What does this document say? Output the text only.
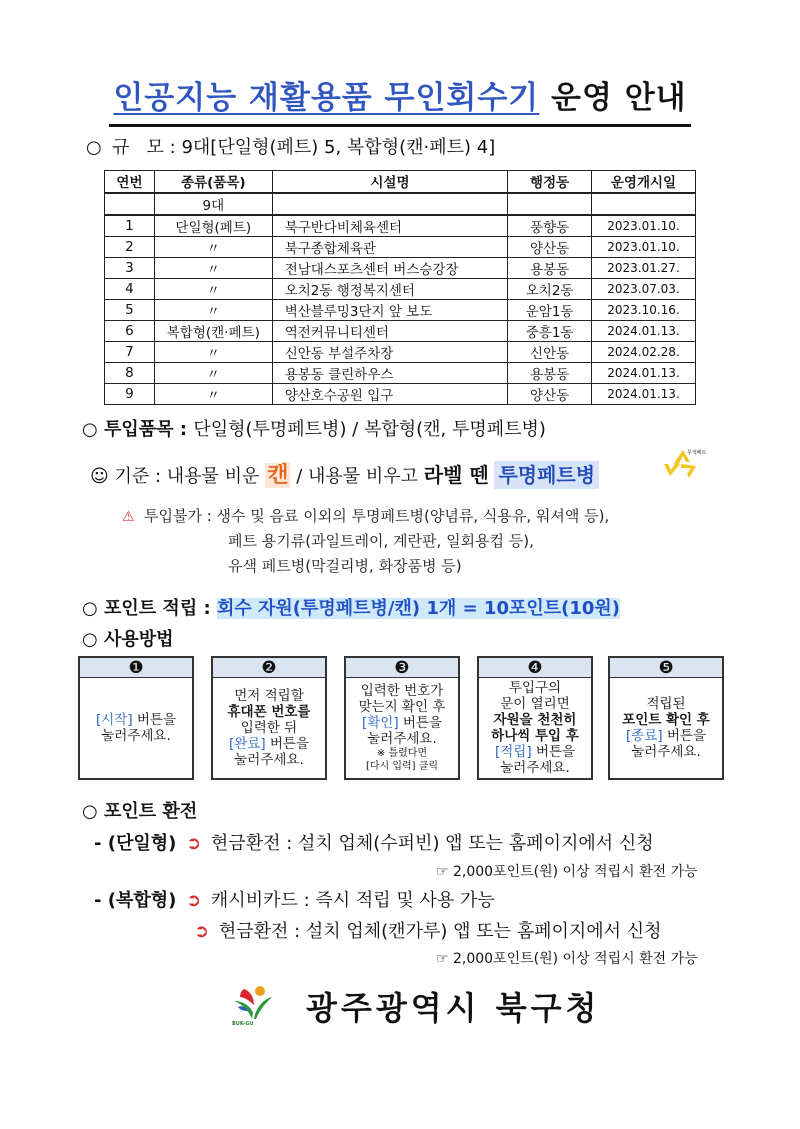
인공지능 재활용품 무인회수기 운영 안내
○ 규   모 : 9대[단일형(페트) 5, 복합형(캔·페트) 4]
연번	종류(품목)	시설명	행정동	운영개시일
	9대			
1	단일형(페트)	북구반다비체육센터	풍향동	2023.01.10.
2	〃	북구종합체육관	양산동	2023.01.10.
3	〃	전남대스포츠센터 버스승강장	용봉동	2023.01.27.
4	〃	오치2동 행정복지센터	오치2동	2023.07.03.
5	〃	벽산블루밍3단지 앞 보도	운암1동	2023.10.16.
6	복합형(캔·페트)	역전커뮤니티센터	중흥1동	2024.01.13.
7	〃	신안동 부설주차장	신안동	2024.02.28.
8	〃	용봉동 클린하우스	용봉동	2024.01.13.
9	〃	양산호수공원 입구	양산동	2024.01.13.
○ 투입품목 : 단일형(투명페트병) / 복합형(캔, 투명페트병)
☺ 기준 : 내용물 비운 캔 / 내용물 비우고 라벨 뗀 투명페트병
무색페트
⚠ 투입불가 : 생수 및 음료 이외의 투명페트병(양념류, 식용유, 워셔액 등),
페트 용기류(과일트레이, 계란판, 일회용컵 등),
유색 페트병(막걸리병, 화장품병 등)
○ 포인트 적립 : 회수 자원(투명페트병/캔) 1개 = 10포인트(10원)
○ 사용방법
❶
[시작] 버튼을
눌러주세요.
❷
먼저 적립할
휴대폰 번호를
입력한 뒤
[완료] 버튼을
눌러주세요.
❸
입력한 번호가
맞는지 확인 후
[확인] 버튼을
눌러주세요.
※ 틀렸다면
[다시 입력] 클릭
❹
투입구의
문이 열리면
자원을 천천히
하나씩 투입 후
[적립] 버튼을
눌러주세요.
❺
적립된
포인트 확인 후
[종료] 버튼을
눌러주세요.
○ 포인트 환전
- (단일형) ➲ 현금환전 : 설치 업체(수퍼빈) 앱 또는 홈페이지에서 신청
☞ 2,000포인트(원) 이상 적립시 환전 가능
- (복합형) ➲ 캐시비카드 : 즉시 적립 및 사용 가능
➲ 현금환전 : 설치 업체(캔가루) 앱 또는 홈페이지에서 신청
☞ 2,000포인트(원) 이상 적립시 환전 가능
BUK-GU 광주광역시 북구청
